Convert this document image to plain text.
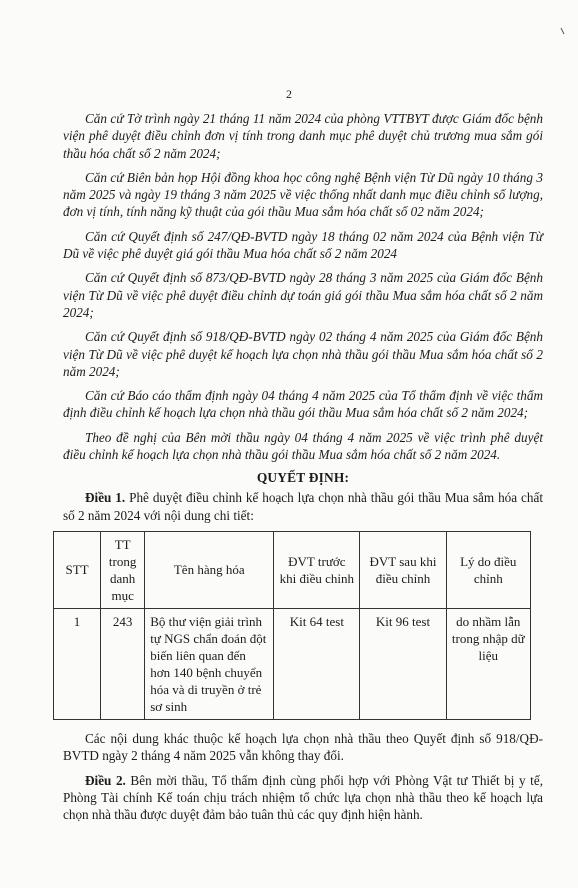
2

Căn cứ Tờ trình ngày 21 tháng 11 năm 2024 của phòng VTTBYT được Giám đốc bệnh viện phê duyệt điều chỉnh đơn vị tính trong danh mục phê duyệt chủ trương mua sắm gói thầu hóa chất số 2 năm 2024;

Căn cứ Biên bản họp Hội đồng khoa học công nghệ Bệnh viện Từ Dũ ngày 10 tháng 3 năm 2025 và ngày 19 tháng 3 năm 2025 về việc thống nhất danh mục điều chỉnh số lượng, đơn vị tính, tính năng kỹ thuật của gói thầu Mua sắm hóa chất số 02 năm 2024;

Căn cứ Quyết định số 247/QĐ-BVTD ngày 18 tháng 02 năm 2024 của Bệnh viện Từ Dũ về việc phê duyệt giá gói thầu Mua hóa chất số 2 năm 2024

Căn cứ Quyết định số 873/QĐ-BVTD ngày 28 tháng 3 năm 2025 của Giám đốc Bệnh viện Từ Dũ về việc phê duyệt điều chỉnh dự toán giá gói thầu Mua sắm hóa chất số 2 năm 2024;

Căn cứ Quyết định số 918/QĐ-BVTD ngày 02 tháng 4 năm 2025 của Giám đốc Bệnh viện Từ Dũ về việc phê duyệt kế hoạch lựa chọn nhà thầu gói thầu Mua sắm hóa chất số 2 năm 2024;

Căn cứ Báo cáo thẩm định ngày 04 tháng 4 năm 2025 của Tổ thẩm định về việc thẩm định điều chỉnh kế hoạch lựa chọn nhà thầu gói thầu Mua sắm hóa chất số 2 năm 2024;

Theo đề nghị của Bên mời thầu ngày 04 tháng 4 năm 2025 về việc trình phê duyệt điều chỉnh kế hoạch lựa chọn nhà thầu gói thầu Mua sắm hóa chất số 2 năm 2024.

QUYẾT ĐỊNH:

Điều 1. Phê duyệt điều chỉnh kế hoạch lựa chọn nhà thầu gói thầu Mua sắm hóa chất số 2 năm 2024 với nội dung chi tiết:

STT	TT trong danh mục	Tên hàng hóa	ĐVT trước khi điều chỉnh	ĐVT sau khi điều chỉnh	Lý do điều chỉnh
1	243	Bộ thư viện giải trình tự NGS chẩn đoán đột biến liên quan đến hơn 140 bệnh chuyển hóa và di truyền ở trẻ sơ sinh	Kit 64 test	Kit 96 test	do nhầm lẫn trong nhập dữ liệu

Các nội dung khác thuộc kế hoạch lựa chọn nhà thầu theo Quyết định số 918/QĐ-BVTD ngày 2 tháng 4 năm 2025 vẫn không thay đổi.

Điều 2. Bên mời thầu, Tổ thẩm định cùng phối hợp với Phòng Vật tư Thiết bị y tế, Phòng Tài chính Kế toán chịu trách nhiệm tổ chức lựa chọn nhà thầu theo kế hoạch lựa chọn nhà thầu được duyệt đảm bảo tuân thủ các quy định hiện hành.
